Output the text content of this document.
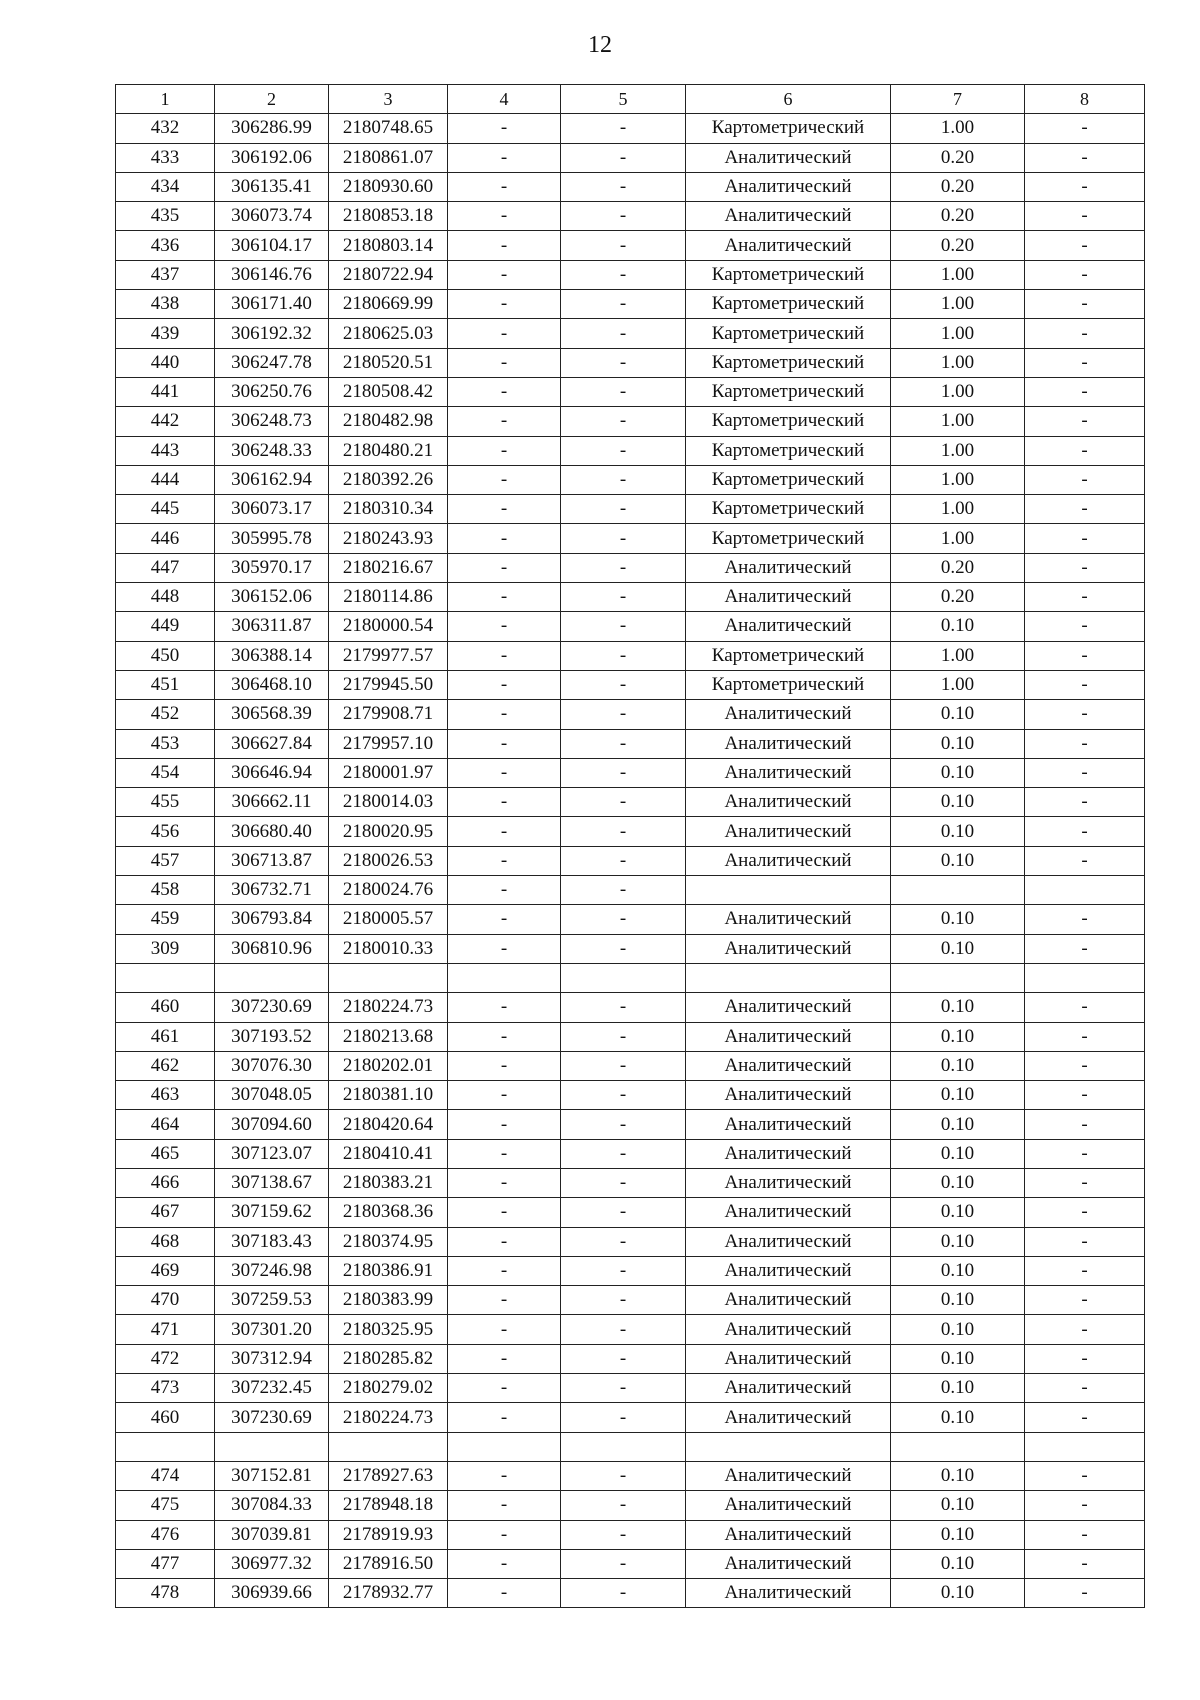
12
1	2	3	4	5	6	7	8
432	306286.99	2180748.65	-	-	Картометрический	1.00	-
433	306192.06	2180861.07	-	-	Аналитический	0.20	-
434	306135.41	2180930.60	-	-	Аналитический	0.20	-
435	306073.74	2180853.18	-	-	Аналитический	0.20	-
436	306104.17	2180803.14	-	-	Аналитический	0.20	-
437	306146.76	2180722.94	-	-	Картометрический	1.00	-
438	306171.40	2180669.99	-	-	Картометрический	1.00	-
439	306192.32	2180625.03	-	-	Картометрический	1.00	-
440	306247.78	2180520.51	-	-	Картометрический	1.00	-
441	306250.76	2180508.42	-	-	Картометрический	1.00	-
442	306248.73	2180482.98	-	-	Картометрический	1.00	-
443	306248.33	2180480.21	-	-	Картометрический	1.00	-
444	306162.94	2180392.26	-	-	Картометрический	1.00	-
445	306073.17	2180310.34	-	-	Картометрический	1.00	-
446	305995.78	2180243.93	-	-	Картометрический	1.00	-
447	305970.17	2180216.67	-	-	Аналитический	0.20	-
448	306152.06	2180114.86	-	-	Аналитический	0.20	-
449	306311.87	2180000.54	-	-	Аналитический	0.10	-
450	306388.14	2179977.57	-	-	Картометрический	1.00	-
451	306468.10	2179945.50	-	-	Картометрический	1.00	-
452	306568.39	2179908.71	-	-	Аналитический	0.10	-
453	306627.84	2179957.10	-	-	Аналитический	0.10	-
454	306646.94	2180001.97	-	-	Аналитический	0.10	-
455	306662.11	2180014.03	-	-	Аналитический	0.10	-
456	306680.40	2180020.95	-	-	Аналитический	0.10	-
457	306713.87	2180026.53	-	-	Аналитический	0.10	-
458	306732.71	2180024.76	-	-			
459	306793.84	2180005.57	-	-	Аналитический	0.10	-
309	306810.96	2180010.33	-	-	Аналитический	0.10	-

460	307230.69	2180224.73	-	-	Аналитический	0.10	-
461	307193.52	2180213.68	-	-	Аналитический	0.10	-
462	307076.30	2180202.01	-	-	Аналитический	0.10	-
463	307048.05	2180381.10	-	-	Аналитический	0.10	-
464	307094.60	2180420.64	-	-	Аналитический	0.10	-
465	307123.07	2180410.41	-	-	Аналитический	0.10	-
466	307138.67	2180383.21	-	-	Аналитический	0.10	-
467	307159.62	2180368.36	-	-	Аналитический	0.10	-
468	307183.43	2180374.95	-	-	Аналитический	0.10	-
469	307246.98	2180386.91	-	-	Аналитический	0.10	-
470	307259.53	2180383.99	-	-	Аналитический	0.10	-
471	307301.20	2180325.95	-	-	Аналитический	0.10	-
472	307312.94	2180285.82	-	-	Аналитический	0.10	-
473	307232.45	2180279.02	-	-	Аналитический	0.10	-
460	307230.69	2180224.73	-	-	Аналитический	0.10	-

474	307152.81	2178927.63	-	-	Аналитический	0.10	-
475	307084.33	2178948.18	-	-	Аналитический	0.10	-
476	307039.81	2178919.93	-	-	Аналитический	0.10	-
477	306977.32	2178916.50	-	-	Аналитический	0.10	-
478	306939.66	2178932.77	-	-	Аналитический	0.10	-
